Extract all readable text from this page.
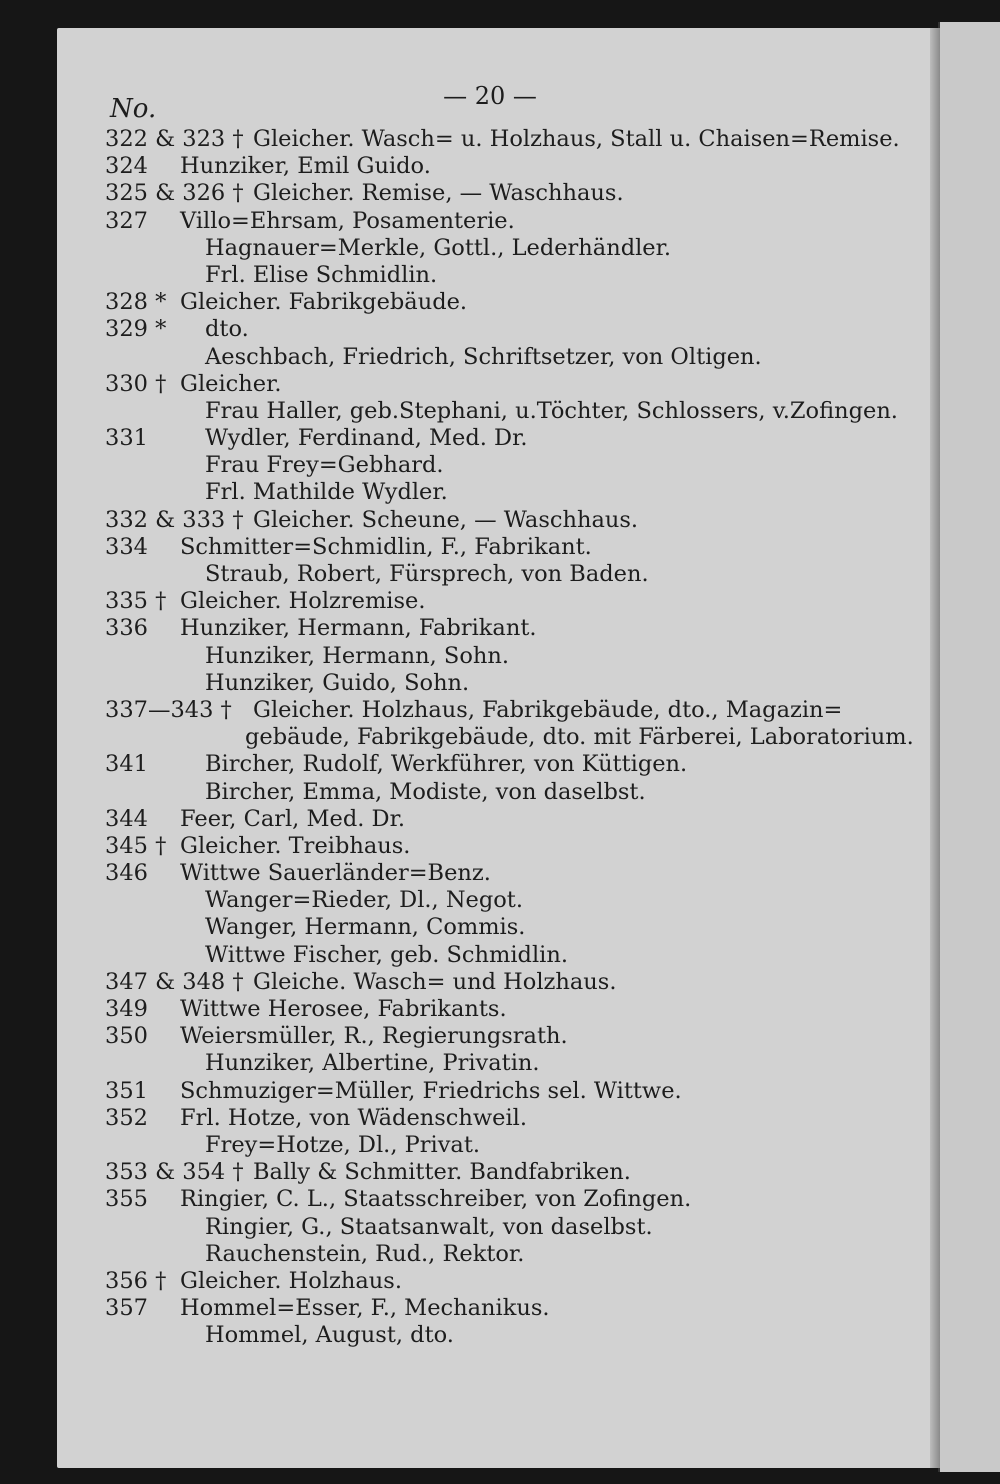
— 20 —
No.
322 & 323 † Gleicher. Wasch= u. Holzhaus, Stall u. Chaisen=Remise.
324 Hunziker, Emil Guido.
325 & 326 † Gleicher. Remise, — Waschhaus.
327 Villo=Ehrsam, Posamenterie.
Hagnauer=Merkle, Gottl., Lederhändler.
Frl. Elise Schmidlin.
328 * Gleicher. Fabrikgebäude.
329 * dto.
Aeschbach, Friedrich, Schriftsetzer, von Oltigen.
330 † Gleicher.
Frau Haller, geb.Stephani, u.Töchter, Schlossers, v.Zofingen.
331	Wydler, Ferdinand, Med. Dr.
Frau Frey=Gebhard.
Frl. Mathilde Wydler.
332 & 333 † Gleicher. Scheune, — Waschhaus.
334 Schmitter=Schmidlin, F., Fabrikant.
Straub, Robert, Fürsprech, von Baden.
335 † Gleicher. Holzremise.
336 Hunziker, Hermann, Fabrikant.
Hunziker, Hermann, Sohn.
Hunziker, Guido, Sohn.
337—343 † Gleicher. Holzhaus, Fabrikgebäude, dto., Magazin=
gebäude, Fabrikgebäude, dto. mit Färberei, Laboratorium.
341	Bircher, Rudolf, Werkführer, von Küttigen.
Bircher, Emma, Modiste, von daselbst.
344 Feer, Carl, Med. Dr.
345 † Gleicher. Treibhaus.
346 Wittwe Sauerländer=Benz.
Wanger=Rieder, Dl., Negot.
Wanger, Hermann, Commis.
Wittwe Fischer, geb. Schmidlin.
347 & 348 † Gleiche. Wasch= und Holzhaus.
349 Wittwe Herosee, Fabrikants.
350 Weiersmüller, R., Regierungsrath.
Hunziker, Albertine, Privatin.
351 Schmuziger=Müller, Friedrichs sel. Wittwe.
352 Frl. Hotze, von Wädenschweil.
Frey=Hotze, Dl., Privat.
353 & 354 † Bally & Schmitter. Bandfabriken.
355 Ringier, C. L., Staatsschreiber, von Zofingen.
Ringier, G., Staatsanwalt, von daselbst.
Rauchenstein, Rud., Rektor.
356 † Gleicher. Holzhaus.
357 Hommel=Esser, F., Mechanikus.
Hommel, August, dto.
